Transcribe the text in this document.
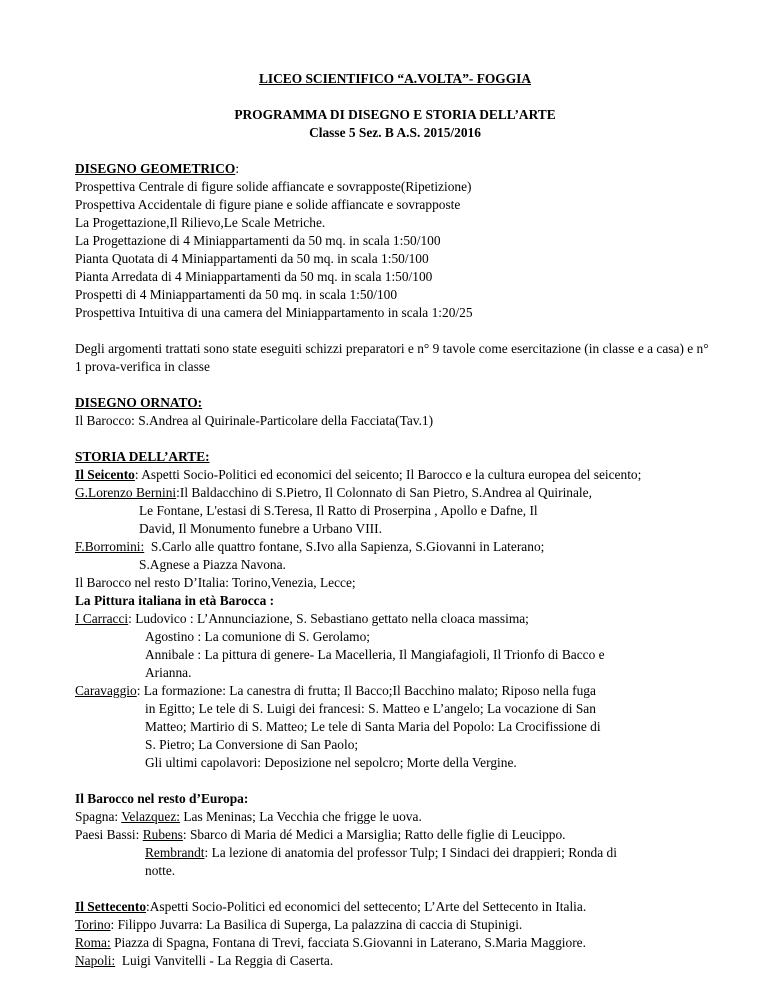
LICEO SCIENTIFICO “A.VOLTA”- FOGGIA
PROGRAMMA DI DISEGNO E STORIA DELL’ARTE
Classe 5 Sez. B A.S. 2015/2016
DISEGNO GEOMETRICO:
Prospettiva Centrale di figure solide affiancate e sovrapposte(Ripetizione)
Prospettiva Accidentale di figure piane e solide affiancate e sovrapposte
La Progettazione,Il Rilievo,Le Scale Metriche.
La Progettazione di 4 Miniappartamenti da 50 mq. in scala 1:50/100
Pianta Quotata di 4 Miniappartamenti da 50 mq. in scala 1:50/100
Pianta Arredata di 4 Miniappartamenti da 50 mq. in scala 1:50/100
Prospetti di 4 Miniappartamenti da 50 mq. in scala 1:50/100
Prospettiva Intuitiva di una camera del Miniappartamento in scala 1:20/25
Degli argomenti trattati sono state eseguiti schizzi preparatori e n° 9 tavole come esercitazione (in classe e a casa) e n° 1 prova-verifica in classe
DISEGNO ORNATO:
Il Barocco: S.Andrea al Quirinale-Particolare della Facciata(Tav.1)
STORIA DELL’ARTE:
Il Seicento: Aspetti Socio-Politici ed economici del seicento; Il Barocco e la cultura europea del seicento;
G.Lorenzo Bernini:Il Baldacchino di S.Pietro, Il Colonnato di San Pietro, S.Andrea al Quirinale,
Le Fontane, L'estasi di S.Teresa, Il Ratto di Proserpina , Apollo e Dafne, Il
David, Il Monumento funebre a Urbano VIII.
F.Borromini:  S.Carlo alle quattro fontane, S.Ivo alla Sapienza, S.Giovanni in Laterano;
S.Agnese a Piazza Navona.
Il Barocco nel resto D’Italia: Torino,Venezia, Lecce;
La Pittura italiana in età Barocca :
I Carracci: Ludovico : L’Annunciazione, S. Sebastiano gettato nella cloaca massima;
Agostino : La comunione di S. Gerolamo;
Annibale : La pittura di genere- La Macelleria, Il Mangiafagioli, Il Trionfo di Bacco e
Arianna.
Caravaggio: La formazione: La canestra di frutta; Il Bacco;Il Bacchino malato; Riposo nella fuga
in Egitto; Le tele di S. Luigi dei francesi: S. Matteo e L’angelo; La vocazione di San
Matteo; Martirio di S. Matteo; Le tele di Santa Maria del Popolo: La Crocifissione di
S. Pietro; La Conversione di San Paolo;
Gli ultimi capolavori: Deposizione nel sepolcro; Morte della Vergine.
Il Barocco nel resto d’Europa:
Spagna: Velazquez: Las Meninas; La Vecchia che frigge le uova.
Paesi Bassi: Rubens: Sbarco di Maria dé Medici a Marsiglia; Ratto delle figlie di Leucippo.
Rembrandt: La lezione di anatomia del professor Tulp; I Sindaci dei drappieri; Ronda di
notte.
Il Settecento:Aspetti Socio-Politici ed economici del settecento; L’Arte del Settecento in Italia.
Torino: Filippo Juvarra: La Basilica di Superga, La palazzina di caccia di Stupinigi.
Roma: Piazza di Spagna, Fontana di Trevi, facciata S.Giovanni in Laterano, S.Maria Maggiore.
Napoli:  Luigi Vanvitelli - La Reggia di Caserta.
